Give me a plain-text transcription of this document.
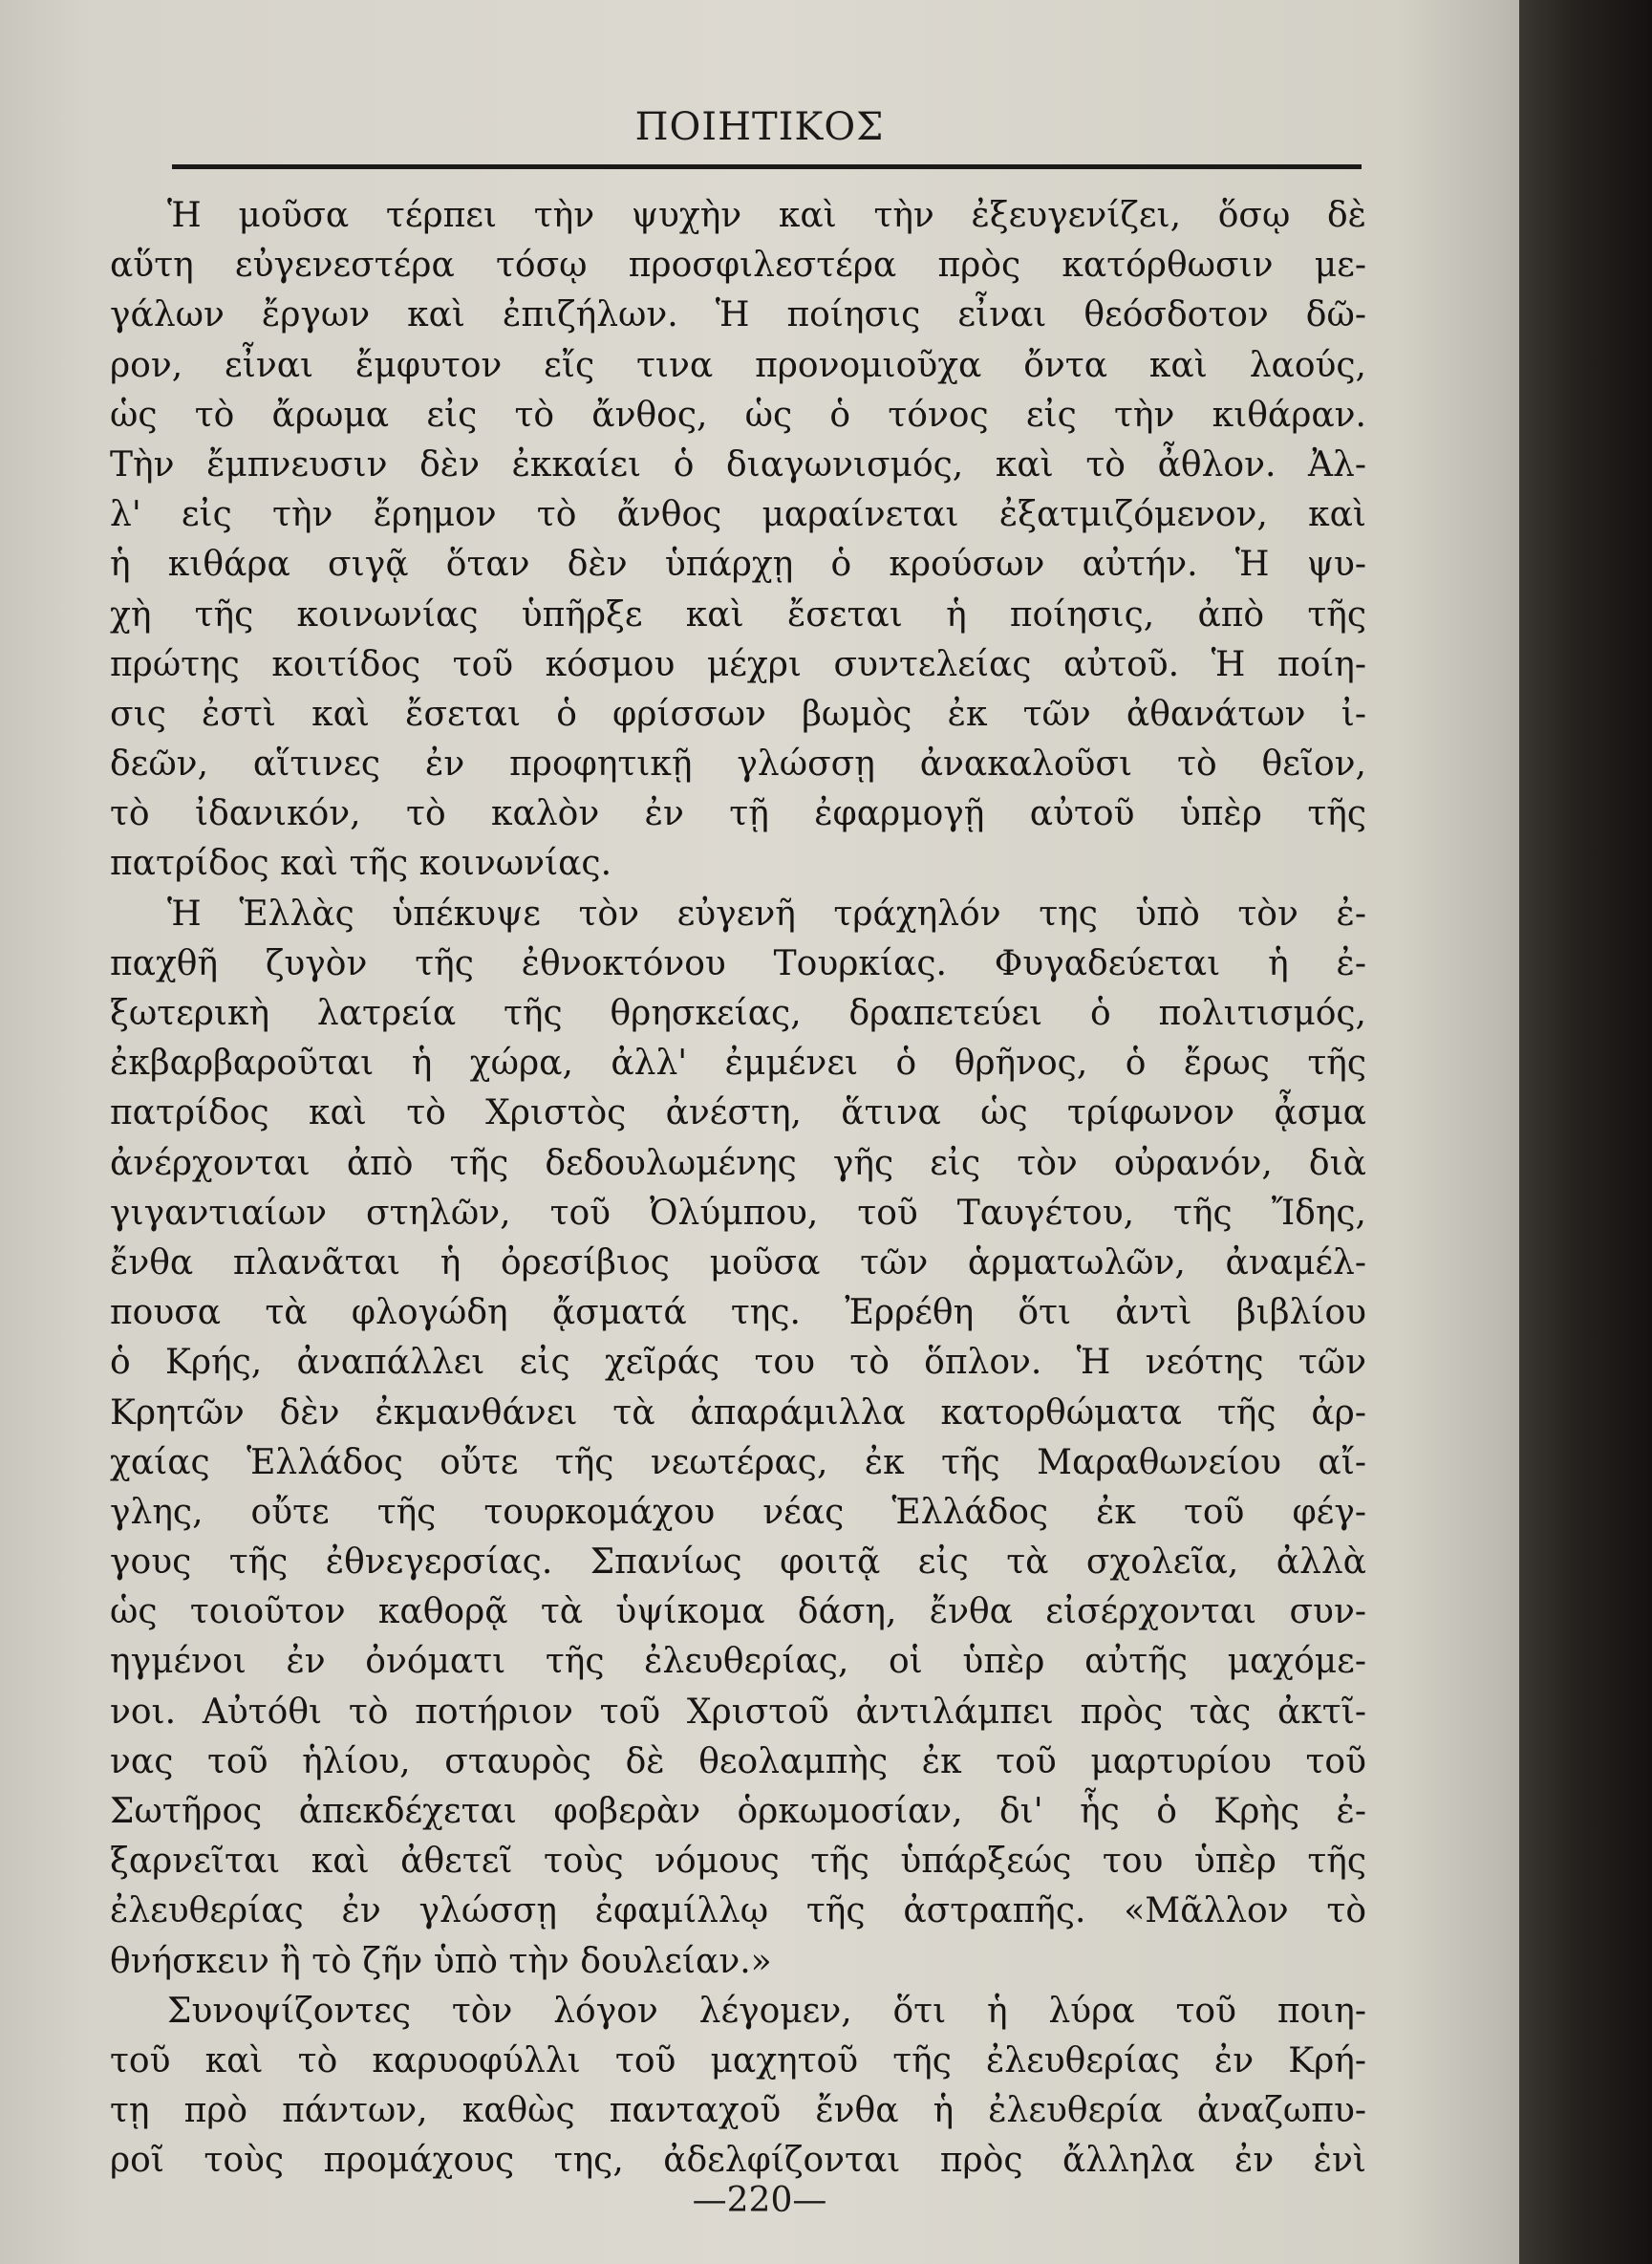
ΠΟΙΗΤΙΚΟΣ
Ἡ μοῦσα τέρπει τὴν ψυχὴν καὶ τὴν ἐξευγενίζει, ὅσῳ δὲ
αὕτη εὐγενεστέρα τόσῳ προσφιλεστέρα πρὸς κατόρθωσιν με-
γάλων ἔργων καὶ ἐπιζήλων. Ἡ ποίησις εἶναι θεόσδοτον δῶ-
ρον, εἶναι ἔμφυτον εἴς τινα προνομιοῦχα ὄντα καὶ λαούς,
ὡς τὸ ἄρωμα εἰς τὸ ἄνθος, ὡς ὁ τόνος εἰς τὴν κιθάραν.
Τὴν ἔμπνευσιν δὲν ἐκκαίει ὁ διαγωνισμός, καὶ τὸ ἆθλον. Ἀλ-
λ' εἰς τὴν ἔρημον τὸ ἄνθος μαραίνεται ἐξατμιζόμενον, καὶ
ἡ κιθάρα σιγᾷ ὅταν δὲν ὑπάρχῃ ὁ κρούσων αὐτήν. Ἡ ψυ-
χὴ τῆς κοινωνίας ὑπῆρξε καὶ ἔσεται ἡ ποίησις, ἀπὸ τῆς
πρώτης κοιτίδος τοῦ κόσμου μέχρι συντελείας αὐτοῦ. Ἡ ποίη-
σις ἐστὶ καὶ ἔσεται ὁ φρίσσων βωμὸς ἐκ τῶν ἀθανάτων ἰ-
δεῶν, αἵτινες ἐν προφητικῇ γλώσσῃ ἀνακαλοῦσι τὸ θεῖον,
τὸ ἰδανικόν, τὸ καλὸν ἐν τῇ ἐφαρμογῇ αὐτοῦ ὑπὲρ τῆς
πατρίδος καὶ τῆς κοινωνίας.
Ἡ Ἑλλὰς ὑπέκυψε τὸν εὐγενῆ τράχηλόν της ὑπὸ τὸν ἐ-
παχθῆ ζυγὸν τῆς ἐθνοκτόνου Τουρκίας. Φυγαδεύεται ἡ ἐ-
ξωτερικὴ λατρεία τῆς θρησκείας, δραπετεύει ὁ πολιτισμός,
ἐκβαρβαροῦται ἡ χώρα, ἀλλ' ἐμμένει ὁ θρῆνος, ὁ ἔρως τῆς
πατρίδος καὶ τὸ Χριστὸς ἀνέστη, ἅτινα ὡς τρίφωνον ᾆσμα
ἀνέρχονται ἀπὸ τῆς δεδουλωμένης γῆς εἰς τὸν οὐρανόν, διὰ
γιγαντιαίων στηλῶν, τοῦ Ὀλύμπου, τοῦ Ταυγέτου, τῆς Ἴδης,
ἔνθα πλανᾶται ἡ ὀρεσίβιος μοῦσα τῶν ἁρματωλῶν, ἀναμέλ-
πουσα τὰ φλογώδη ᾄσματά της. Ἐρρέθη ὅτι ἀντὶ βιβλίου
ὁ Κρής, ἀναπάλλει εἰς χεῖράς του τὸ ὅπλον. Ἡ νεότης τῶν
Κρητῶν δὲν ἐκμανθάνει τὰ ἀπαράμιλλα κατορθώματα τῆς ἀρ-
χαίας Ἑλλάδος οὔτε τῆς νεωτέρας, ἐκ τῆς Μαραθωνείου αἴ-
γλης, οὔτε τῆς τουρκομάχου νέας Ἑλλάδος ἐκ τοῦ φέγ-
γους τῆς ἐθνεγερσίας. Σπανίως φοιτᾷ εἰς τὰ σχολεῖα, ἀλλὰ
ὡς τοιοῦτον καθορᾷ τὰ ὑψίκομα δάση, ἔνθα εἰσέρχονται συν-
ηγμένοι ἐν ὀνόματι τῆς ἐλευθερίας, οἱ ὑπὲρ αὐτῆς μαχόμε-
νοι. Αὐτόθι τὸ ποτήριον τοῦ Χριστοῦ ἀντιλάμπει πρὸς τὰς ἀκτῖ-
νας τοῦ ἡλίου, σταυρὸς δὲ θεολαμπὴς ἐκ τοῦ μαρτυρίου τοῦ
Σωτῆρος ἀπεκδέχεται φοβερὰν ὁρκωμοσίαν, δι' ἧς ὁ Κρὴς ἐ-
ξαρνεῖται καὶ ἀθετεῖ τοὺς νόμους τῆς ὑπάρξεώς του ὑπὲρ τῆς
ἐλευθερίας ἐν γλώσσῃ ἐφαμίλλῳ τῆς ἀστραπῆς. «Μᾶλλον τὸ
θνήσκειν ἢ τὸ ζῆν ὑπὸ τὴν δουλείαν.»
Συνοψίζοντες τὸν λόγον λέγομεν, ὅτι ἡ λύρα τοῦ ποιη-
τοῦ καὶ τὸ καρυοφύλλι τοῦ μαχητοῦ τῆς ἐλευθερίας ἐν Κρή-
τῃ πρὸ πάντων, καθὼς πανταχοῦ ἔνθα ἡ ἐλευθερία ἀναζωπυ-
ροῖ τοὺς προμάχους της, ἀδελφίζονται πρὸς ἄλληλα ἐν ἑνὶ
—220—
